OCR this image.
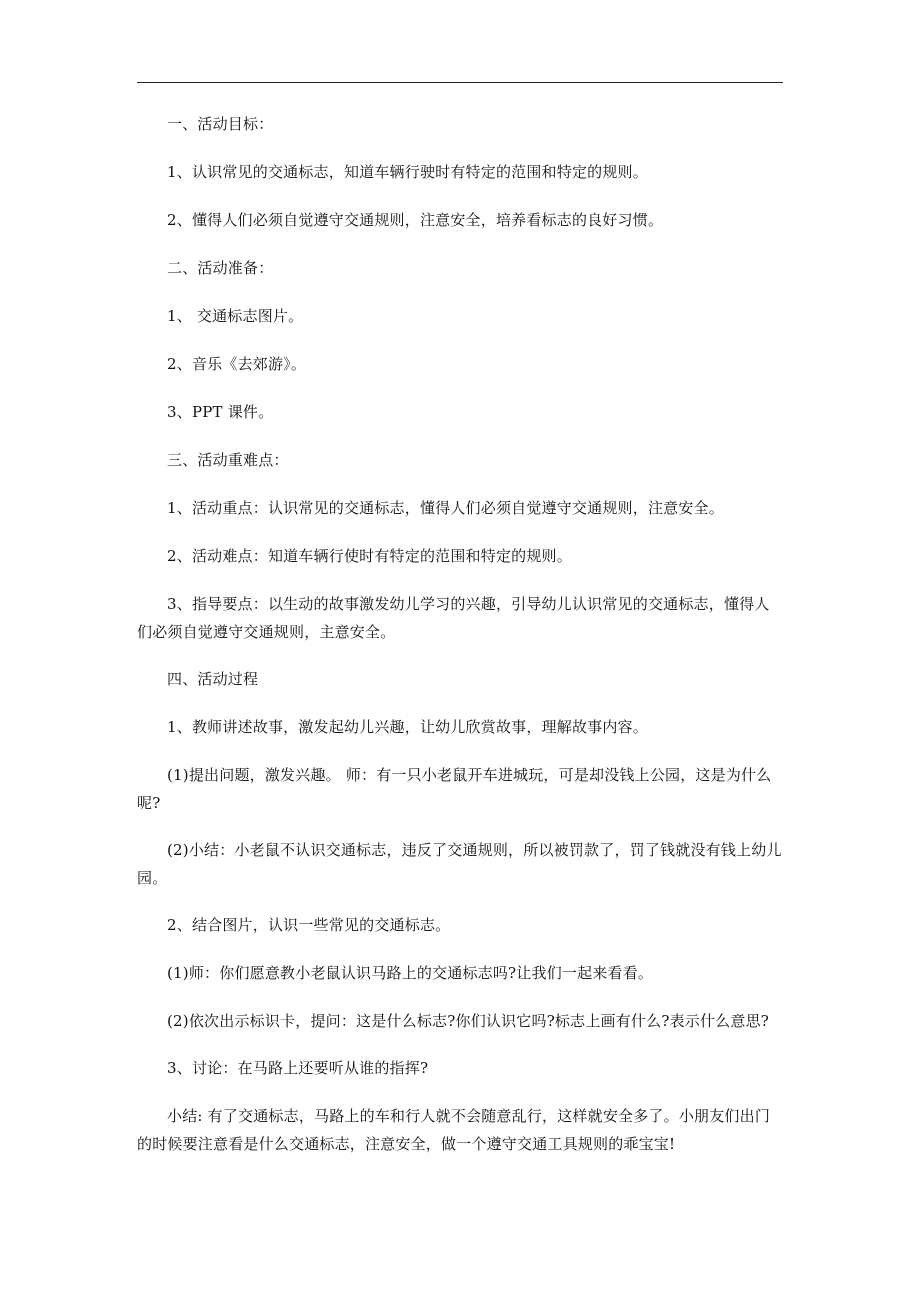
一、活动目标：

1、认识常见的交通标志，知道车辆行驶时有特定的范围和特定的规则。

2、懂得人们必须自觉遵守交通规则，注意安全，培养看标志的良好习惯。

二、活动准备：

1、 交通标志图片。

2、音乐《去郊游》。

3、PPT 课件。

三、活动重难点：

1、活动重点：认识常见的交通标志，懂得人们必须自觉遵守交通规则，注意安全。

2、活动难点：知道车辆行使时有特定的范围和特定的规则。

3、指导要点：以生动的故事激发幼儿学习的兴趣，引导幼儿认识常见的交通标志，懂得人们必须自觉遵守交通规则，主意安全。

四、活动过程

1、教师讲述故事，激发起幼儿兴趣，让幼儿欣赏故事，理解故事内容。

(1)提出问题，激发兴趣。 师：有一只小老鼠开车进城玩，可是却没钱上公园，这是为什么呢?

(2)小结：小老鼠不认识交通标志，违反了交通规则，所以被罚款了，罚了钱就没有钱上幼儿园。

2、结合图片，认识一些常见的交通标志。

(1)师：你们愿意教小老鼠认识马路上的交通标志吗?让我们一起来看看。

(2)依次出示标识卡，提问：这是什么标志?你们认识它吗?标志上画有什么?表示什么意思?

3、讨论：在马路上还要听从谁的指挥?

小结: 有了交通标志，马路上的车和行人就不会随意乱行，这样就安全多了。小朋友们出门的时候要注意看是什么交通标志，注意安全，做一个遵守交通工具规则的乖宝宝!
